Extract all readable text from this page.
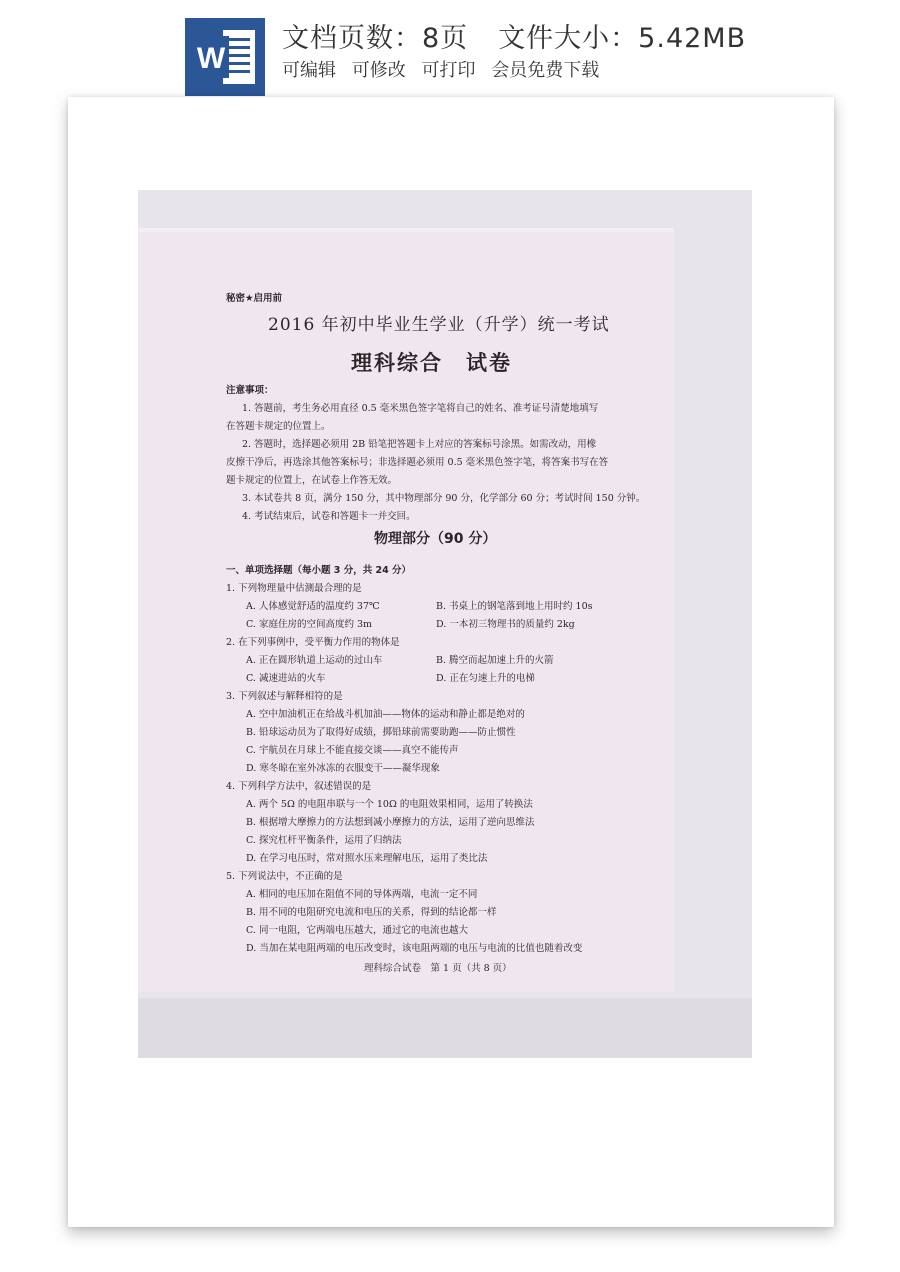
W
文档页数：8页 文件大小：5.42MB
可编辑 可修改 可打印 会员免费下载
秘密★启用前
2016 年初中毕业生学业（升学）统一考试
理科综合　试卷
注意事项：
1. 答题前，考生务必用直径 0.5 毫米黑色签字笔将自己的姓名、准考证号清楚地填写
在答题卡规定的位置上。
2. 答题时，选择题必须用 2B 铅笔把答题卡上对应的答案标号涂黑。如需改动，用橡
皮擦干净后，再选涂其他答案标号；非选择题必须用 0.5 毫米黑色签字笔，将答案书写在答
题卡规定的位置上，在试卷上作答无效。
3. 本试卷共 8 页，满分 150 分，其中物理部分 90 分，化学部分 60 分；考试时间 150 分钟。
4. 考试结束后，试卷和答题卡一并交回。
物理部分（90 分）
一、单项选择题（每小题 3 分，共 24 分）
1. 下列物理量中估测最合理的是
A. 人体感觉舒适的温度约 37℃	B. 书桌上的钢笔落到地上用时约 10s
C. 家庭住房的空间高度约 3m	D. 一本初三物理书的质量约 2kg
2. 在下列事例中，受平衡力作用的物体是
A. 正在圆形轨道上运动的过山车	B. 腾空而起加速上升的火箭
C. 减速进站的火车	D. 正在匀速上升的电梯
3. 下列叙述与解释相符的是
A. 空中加油机正在给战斗机加油——物体的运动和静止都是绝对的
B. 铅球运动员为了取得好成绩，掷铅球前需要助跑——防止惯性
C. 宇航员在月球上不能直接交谈——真空不能传声
D. 寒冬晾在室外冰冻的衣服变干——凝华现象
4. 下列科学方法中，叙述错误的是
A. 两个 5Ω 的电阻串联与一个 10Ω 的电阻效果相同，运用了转换法
B. 根据增大摩擦力的方法想到减小摩擦力的方法，运用了逆向思维法
C. 探究杠杆平衡条件，运用了归纳法
D. 在学习电压时，常对照水压来理解电压，运用了类比法
5. 下列说法中，不正确的是
A. 相同的电压加在阻值不同的导体两端，电流一定不同
B. 用不同的电阻研究电流和电压的关系，得到的结论都一样
C. 同一电阻，它两端电压越大，通过它的电流也越大
D. 当加在某电阻两端的电压改变时，该电阻两端的电压与电流的比值也随着改变
理科综合试卷　第 1 页（共 8 页）
